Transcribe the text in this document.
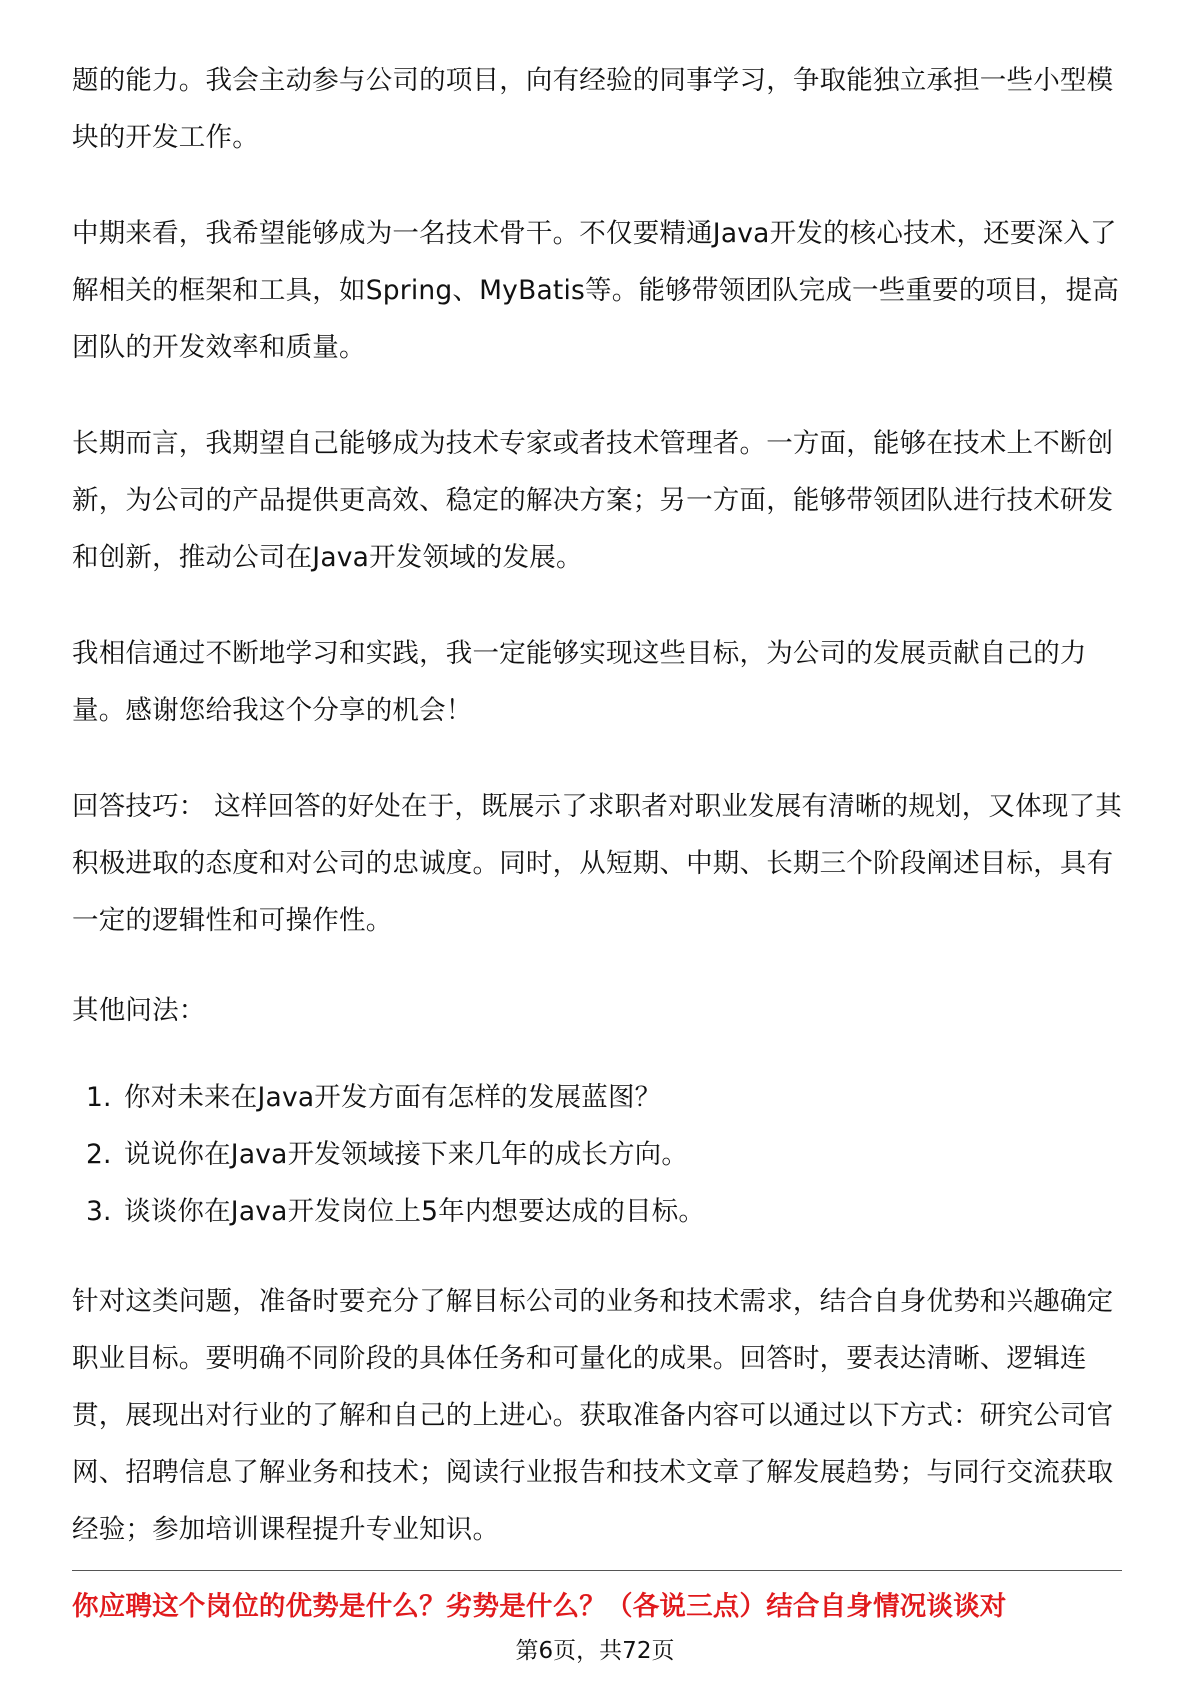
题的能力。我会主动参与公司的项目，向有经验的同事学习，争取能独立承担一些小型模块的开发工作。

中期来看，我希望能够成为一名技术骨干。不仅要精通Java开发的核心技术，还要深入了解相关的框架和工具，如Spring、MyBatis等。能够带领团队完成一些重要的项目，提高团队的开发效率和质量。

长期而言，我期望自己能够成为技术专家或者技术管理者。一方面，能够在技术上不断创新，为公司的产品提供更高效、稳定的解决方案；另一方面，能够带领团队进行技术研发和创新，推动公司在Java开发领域的发展。

我相信通过不断地学习和实践，我一定能够实现这些目标，为公司的发展贡献自己的力量。感谢您给我这个分享的机会！

回答技巧： 这样回答的好处在于，既展示了求职者对职业发展有清晰的规划，又体现了其积极进取的态度和对公司的忠诚度。同时，从短期、中期、长期三个阶段阐述目标，具有一定的逻辑性和可操作性。

其他问法：

1. 你对未来在Java开发方面有怎样的发展蓝图？
2. 说说你在Java开发领域接下来几年的成长方向。
3. 谈谈你在Java开发岗位上5年内想要达成的目标。

针对这类问题，准备时要充分了解目标公司的业务和技术需求，结合自身优势和兴趣确定职业目标。要明确不同阶段的具体任务和可量化的成果。回答时，要表达清晰、逻辑连贯，展现出对行业的了解和自己的上进心。获取准备内容可以通过以下方式：研究公司官网、招聘信息了解业务和技术；阅读行业报告和技术文章了解发展趋势；与同行交流获取经验；参加培训课程提升专业知识。

你应聘这个岗位的优势是什么？劣势是什么？（各说三点）结合自身情况谈谈对
第6页，共72页
